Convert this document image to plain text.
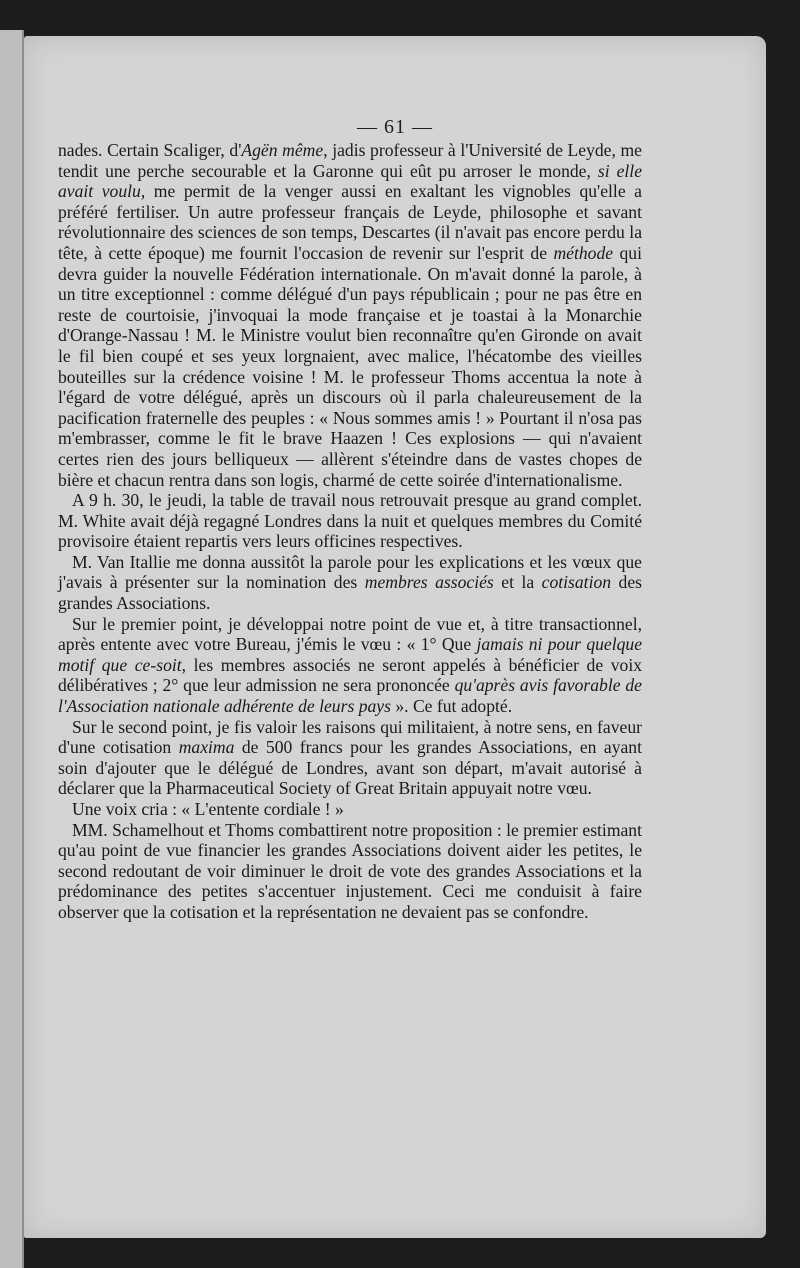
— 61 —

nades. Certain Scaliger, d'Agën même, jadis professeur à l'Université de Leyde, me tendit une perche secourable et la Garonne qui eût pu arroser le monde, si elle avait voulu, me permit de la venger aussi en exaltant les vignobles qu'elle a préféré fertiliser. Un autre professeur français de Leyde, philosophe et savant révolutionnaire des sciences de son temps, Descartes (il n'avait pas encore perdu la tête, à cette époque) me fournit l'occasion de revenir sur l'esprit de méthode qui devra guider la nouvelle Fédération internationale. On m'avait donné la parole, à un titre exceptionnel : comme délégué d'un pays républicain ; pour ne pas être en reste de courtoisie, j'invoquai la mode française et je toastai à la Monarchie d'Orange-Nassau ! M. le Ministre voulut bien reconnaître qu'en Gironde on avait le fil bien coupé et ses yeux lorgnaient, avec malice, l'hécatombe des vieilles bouteilles sur la crédence voisine ! M. le professeur Thoms accentua la note à l'égard de votre délégué, après un discours où il parla chaleureusement de la pacification fraternelle des peuples : « Nous sommes amis ! » Pourtant il n'osa pas m'embrasser, comme le fit le brave Haazen ! Ces explosions — qui n'avaient certes rien des jours belliqueux — allèrent s'éteindre dans de vastes chopes de bière et chacun rentra dans son logis, charmé de cette soirée d'internationalisme.

A 9 h. 30, le jeudi, la table de travail nous retrouvait presque au grand complet. M. White avait déjà regagné Londres dans la nuit et quelques membres du Comité provisoire étaient repartis vers leurs officines respectives.

M. Van Itallie me donna aussitôt la parole pour les explications et les vœux que j'avais à présenter sur la nomination des membres associés et la cotisation des grandes Associations.

Sur le premier point, je développai notre point de vue et, à titre transactionnel, après entente avec votre Bureau, j'émis le vœu : « 1° Que jamais ni pour quelque motif que ce-soit, les membres associés ne seront appelés à bénéficier de voix délibératives ; 2° que leur admission ne sera prononcée qu'après avis favorable de l'Association nationale adhérente de leurs pays ». Ce fut adopté.

Sur le second point, je fis valoir les raisons qui militaient, à notre sens, en faveur d'une cotisation maxima de 500 francs pour les grandes Associations, en ayant soin d'ajouter que le délégué de Londres, avant son départ, m'avait autorisé à déclarer que la Pharmaceutical Society of Great Britain appuyait notre vœu.

Une voix cria : « L'entente cordiale ! »

MM. Schamelhout et Thoms combattirent notre proposition : le premier estimant qu'au point de vue financier les grandes Associations doivent aider les petites, le second redoutant de voir diminuer le droit de vote des grandes Associations et la prédominance des petites s'accentuer injustement. Ceci me conduisit à faire observer que la cotisation et la représentation ne devaient pas se confondre.
